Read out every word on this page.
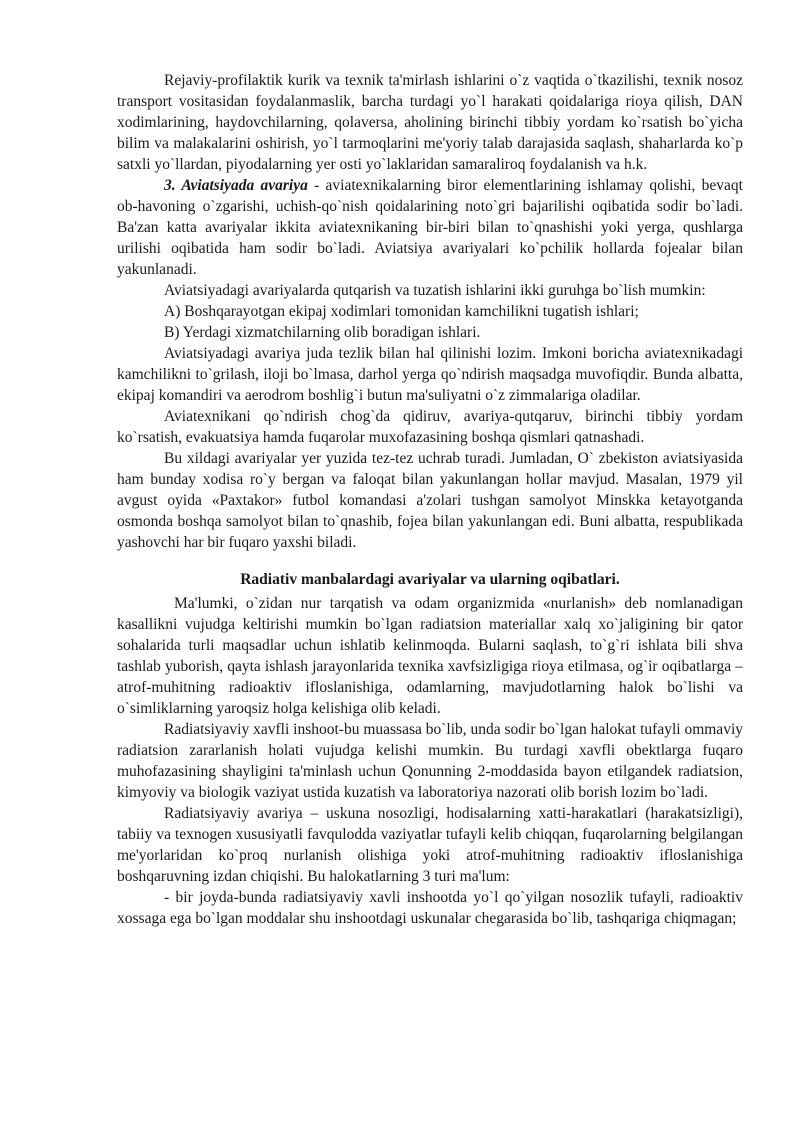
Rejaviy-profilaktik kurik va texnik ta'mirlash ishlarini o`z vaqtida o`tkazilishi, texnik nosoz transport vositasidan foydalanmaslik, barcha turdagi yo`l harakati qoidalariga rioya qilish, DAN xodimlarining, haydovchilarning, qolaversa, aholining birinchi tibbiy yordam ko`rsatish bo`yicha bilim va malakalarini oshirish, yo`l tarmoqlarini me'yoriy talab darajasida saqlash, shaharlarda ko`p satxli yo`llardan, piyodalarning yer osti yo`laklaridan samaraliroq foydalanish va h.k.

3. Aviatsiyada avariya - aviatexnikalarning biror elementlarining ishlamay qolishi, bevaqt ob-havoning o`zgarishi, uchish-qo`nish qoidalarining noto`gri bajarilishi oqibatida sodir bo`ladi. Ba'zan katta avariyalar ikkita aviatexnikaning bir-biri bilan to`qnashishi yoki yerga, qushlarga urilishi oqibatida ham sodir bo`ladi. Aviatsiya avariyalari ko`pchilik hollarda fojealar bilan yakunlanadi.

Aviatsiyadagi avariyalarda qutqarish va tuzatish ishlarini ikki guruhga bo`lish mumkin:

A) Boshqarayotgan ekipaj xodimlari tomonidan kamchilikni tugatish ishlari;

B) Yerdagi xizmatchilarning olib boradigan ishlari.

Aviatsiyadagi avariya juda tezlik bilan hal qilinishi lozim. Imkoni boricha aviatexnikadagi kamchilikni to`grilash, iloji bo`lmasa, darhol yerga qo`ndirish maqsadga muvofiqdir. Bunda albatta, ekipaj komandiri va aerodrom boshlig`i butun ma'suliyatni o`z zimmalariga oladilar.

Aviatexnikani qo`ndirish chog`da qidiruv, avariya-qutqaruv, birinchi tibbiy yordam ko`rsatish, evakuatsiya hamda fuqarolar muxofazasining boshqa qismlari qatnashadi.

Bu xildagi avariyalar yer yuzida tez-tez uchrab turadi. Jumladan, O` zbekiston aviatsiyasida ham bunday xodisa ro`y bergan va faloqat bilan yakunlangan hollar mavjud. Masalan, 1979 yil avgust oyida «Paxtakor» futbol komandasi a'zolari tushgan samolyot Minskka ketayotganda osmonda boshqa samolyot bilan to`qnashib, fojea bilan yakunlangan edi. Buni albatta, respublikada yashovchi har bir fuqaro yaxshi biladi.

Radiativ manbalardagi avariyalar va ularning oqibatlari.

Ma'lumki, o`zidan nur tarqatish va odam organizmida «nurlanish» deb nomlanadigan kasallikni vujudga keltirishi mumkin bo`lgan radiatsion materiallar xalq xo`jaligining bir qator sohalarida turli maqsadlar uchun ishlatib kelinmoqda. Bularni saqlash, to`g`ri ishlata bili shva tashlab yuborish, qayta ishlash jarayonlarida texnika xavfsizligiga rioya etilmasa, og`ir oqibatlarga – atrof-muhitning radioaktiv ifloslanishiga, odamlarning, mavjudotlarning halok bo`lishi va o`simliklarning yaroqsiz holga kelishiga olib keladi.

Radiatsiyaviy xavfli inshoot-bu muassasa bo`lib, unda sodir bo`lgan halokat tufayli ommaviy radiatsion zararlanish holati vujudga kelishi mumkin. Bu turdagi xavfli obektlarga fuqaro muhofazasining shayligini ta'minlash uchun Qonunning 2-moddasida bayon etilgandek radiatsion, kimyoviy va biologik vaziyat ustida kuzatish va laboratoriya nazorati olib borish lozim bo`ladi.

Radiatsiyaviy avariya – uskuna nosozligi, hodisalarning xatti-harakatlari (harakatsizligi), tabiiy va texnogen xususiyatli favqulodda vaziyatlar tufayli kelib chiqqan, fuqarolarning belgilangan me'yorlaridan ko`proq nurlanish olishiga yoki atrof-muhitning radioaktiv ifloslanishiga boshqaruvning izdan chiqishi. Bu halokatlarning 3 turi ma'lum:

- bir joyda-bunda radiatsiyaviy xavli inshootda yo`l qo`yilgan nosozlik tufayli, radioaktiv xossaga ega bo`lgan moddalar shu inshootdagi uskunalar chegarasida bo`lib, tashqariga chiqmagan;
